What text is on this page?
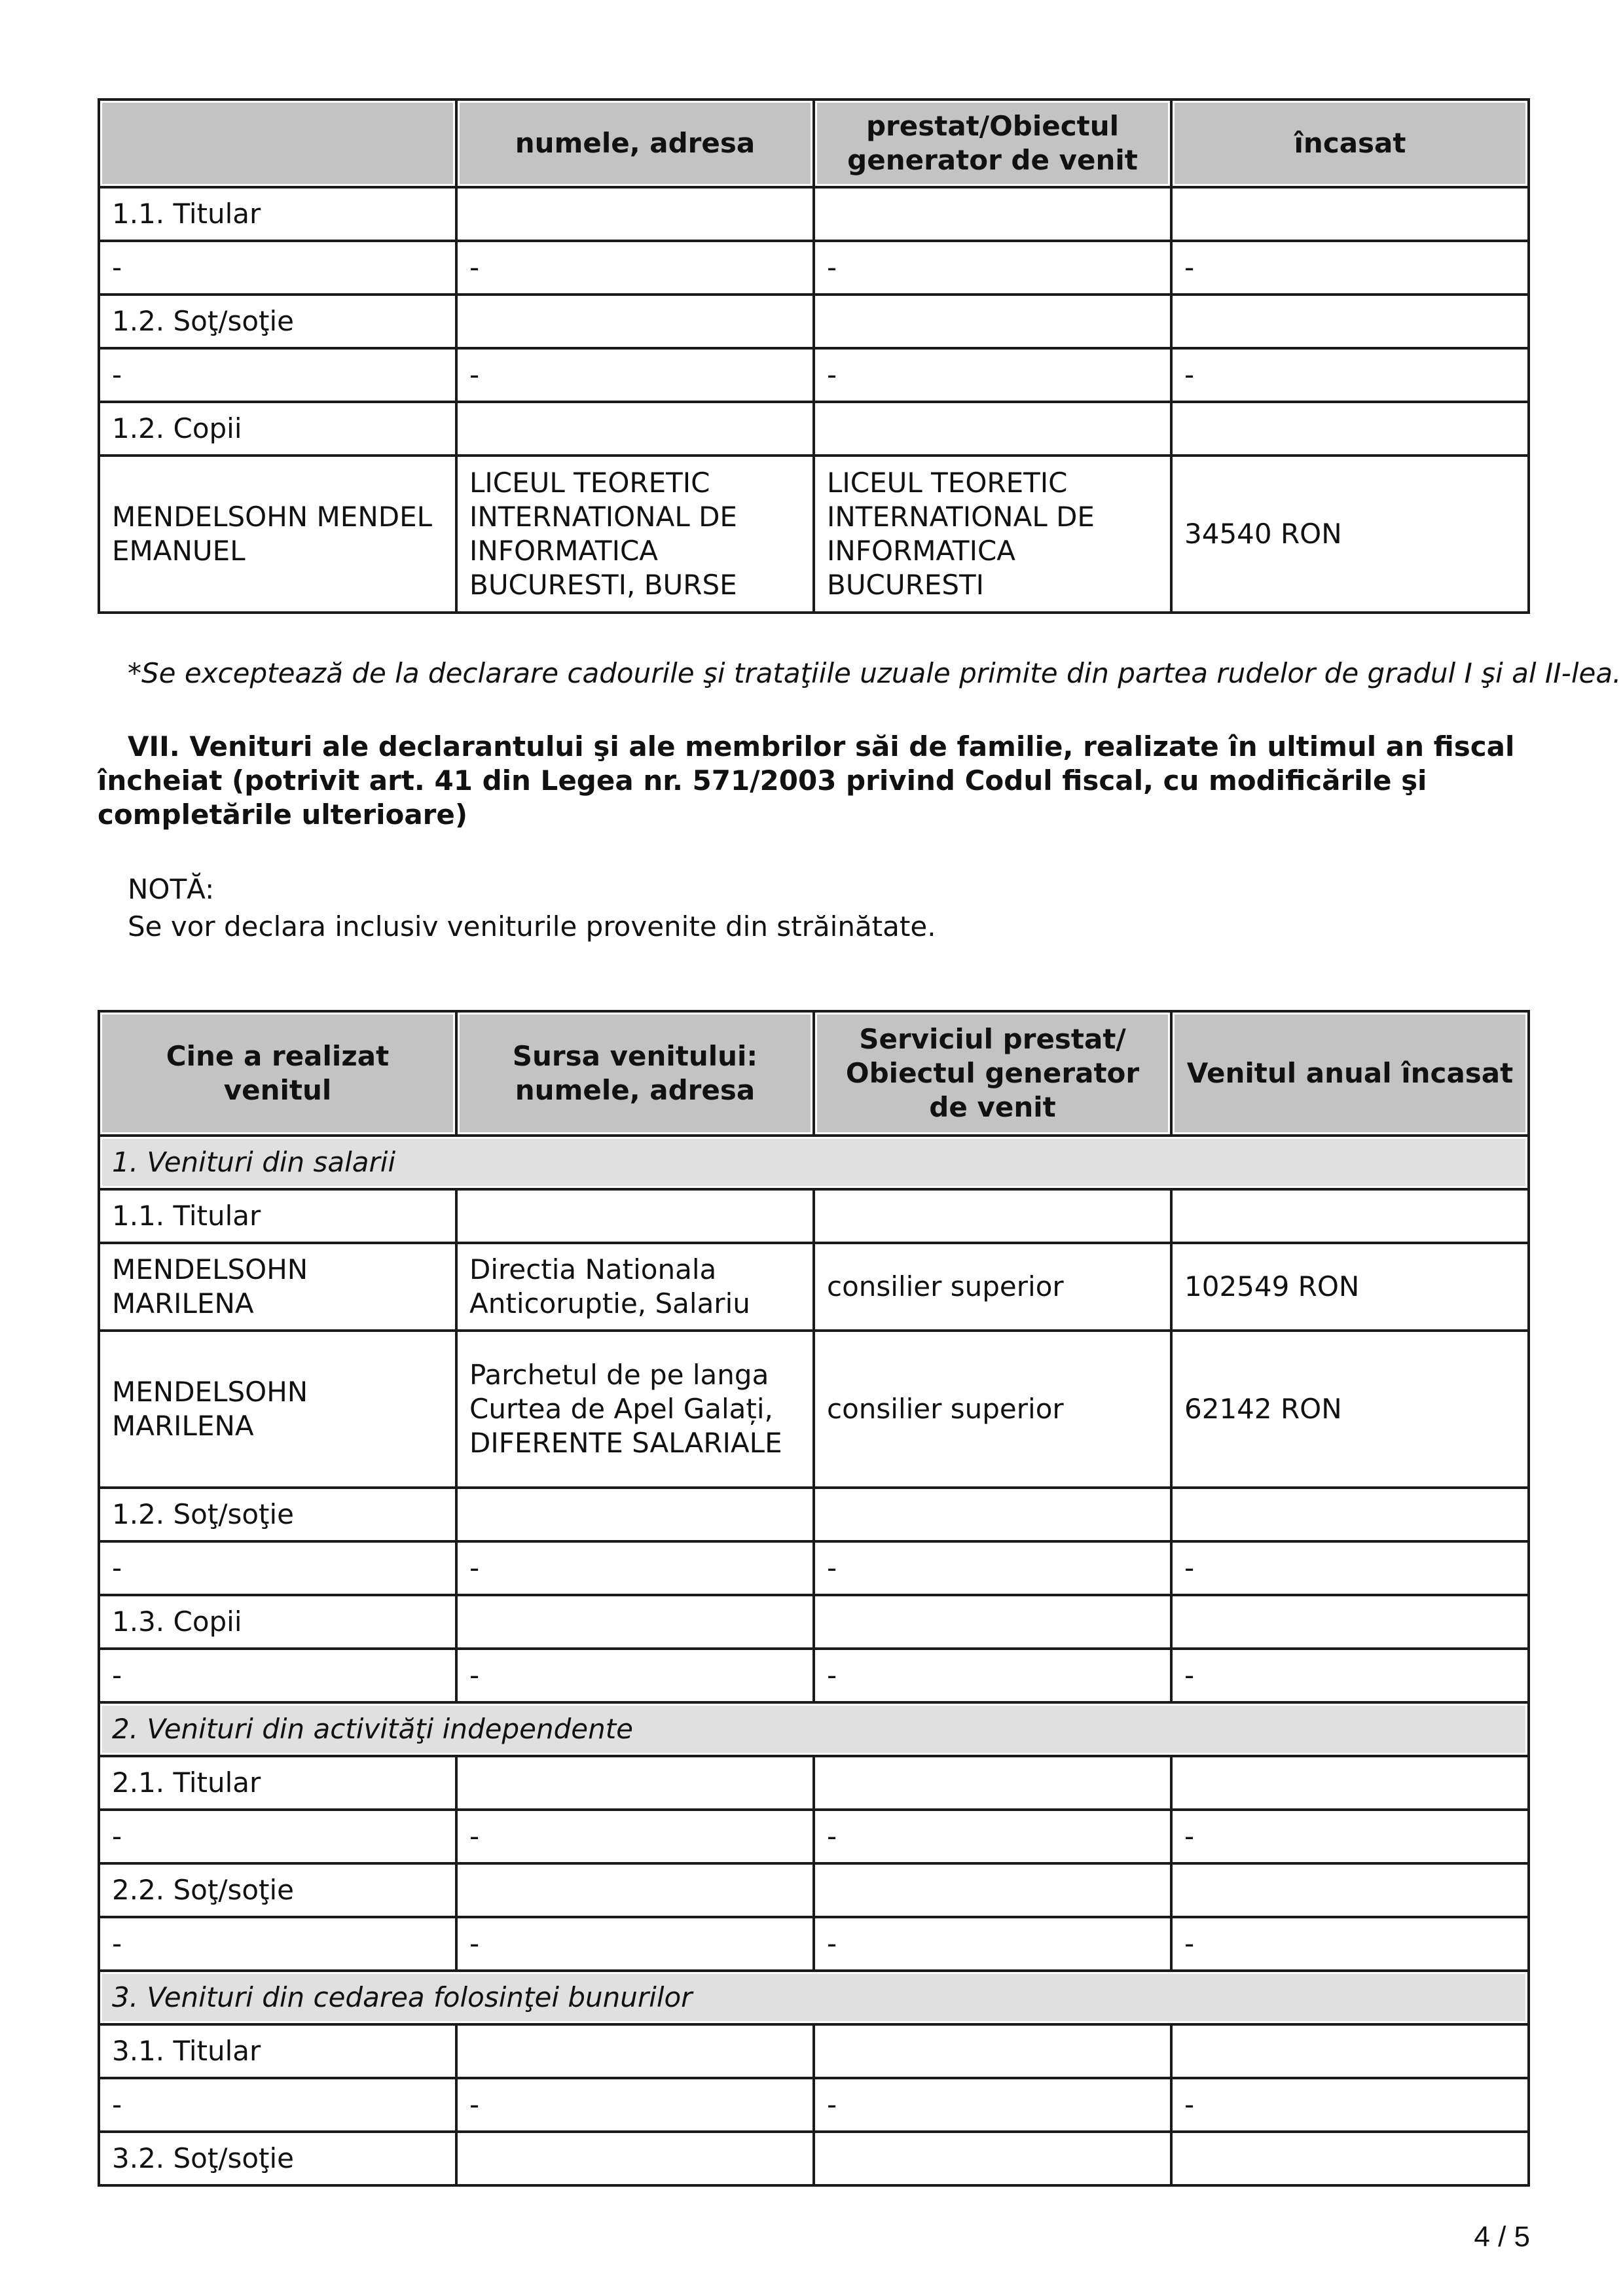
	numele, adresa	prestat/Obiectul generator de venit	încasat
1.1. Titular			
-	-	-	-
1.2. Soţ/soţie			
-	-	-	-
1.2. Copii			
MENDELSOHN MENDEL EMANUEL	LICEUL TEORETIC INTERNATIONAL DE INFORMATICA BUCURESTI, BURSE	LICEUL TEORETIC INTERNATIONAL DE INFORMATICA BUCURESTI	34540 RON
*Se exceptează de la declarare cadourile şi trataţiile uzuale primite din partea rudelor de gradul I şi al II-lea.
VII. Venituri ale declarantului şi ale membrilor săi de familie, realizate în ultimul an fiscal încheiat (potrivit art. 41 din Legea nr. 571/2003 privind Codul fiscal, cu modificările şi completările ulterioare)
NOTĂ:
Se vor declara inclusiv veniturile provenite din străinătate.
Cine a realizat venitul	Sursa venitului: numele, adresa	Serviciul prestat/ Obiectul generator de venit	Venitul anual încasat
1. Venituri din salarii			
1.1. Titular			
MENDELSOHN MARILENA	Directia Nationala Anticoruptie, Salariu	consilier superior	102549 RON
MENDELSOHN MARILENA	Parchetul de pe langa Curtea de Apel Galați, DIFERENTE SALARIALE	consilier superior	62142 RON
1.2. Soţ/soţie			
-	-	-	-
1.3. Copii			
-	-	-	-
2. Venituri din activităţi independente			
2.1. Titular			
-	-	-	-
2.2. Soţ/soţie			
-	-	-	-
3. Venituri din cedarea folosinţei bunurilor			
3.1. Titular			
-	-	-	-
3.2. Soţ/soţie			
4 / 5
